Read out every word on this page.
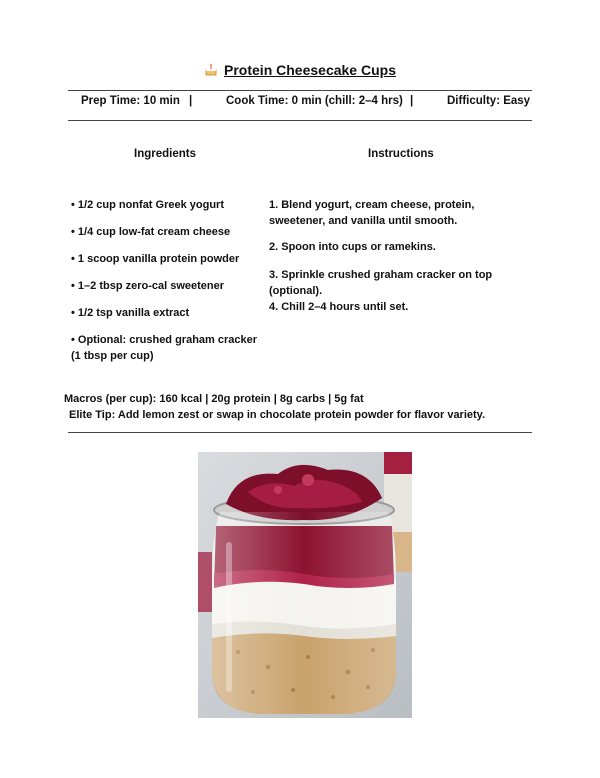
Protein Cheesecake Cups
Prep Time: 10 min |	Cook Time: 0 min (chill: 2–4 hrs) |	Difficulty: Easy
Ingredients	Instructions
• 1/2 cup nonfat Greek yogurt
• 1/4 cup low-fat cream cheese
• 1 scoop vanilla protein powder
• 1–2 tbsp zero-cal sweetener
• 1/2 tsp vanilla extract
• Optional: crushed graham cracker (1 tbsp per cup)
1. Blend yogurt, cream cheese, protein, sweetener, and vanilla until smooth.
2. Spoon into cups or ramekins.
3. Sprinkle crushed graham cracker on top (optional).
4. Chill 2–4 hours until set.
Macros (per cup): 160 kcal | 20g protein | 8g carbs | 5g fat
Elite Tip: Add lemon zest or swap in chocolate protein powder for flavor variety.
